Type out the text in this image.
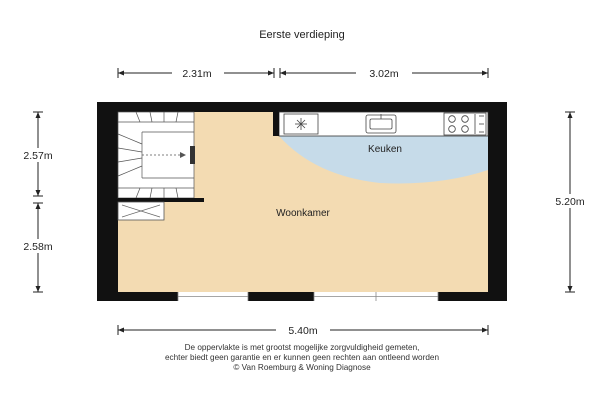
Eerste verdieping
2.31m	3.02m
2.57m
2.58m
5.20m
5.40m
Keuken
Woonkamer
De oppervlakte is met grootst mogelijke zorgvuldigheid gemeten,
echter biedt geen garantie en er kunnen geen rechten aan ontleend worden
© Van Roemburg & Woning Diagnose
